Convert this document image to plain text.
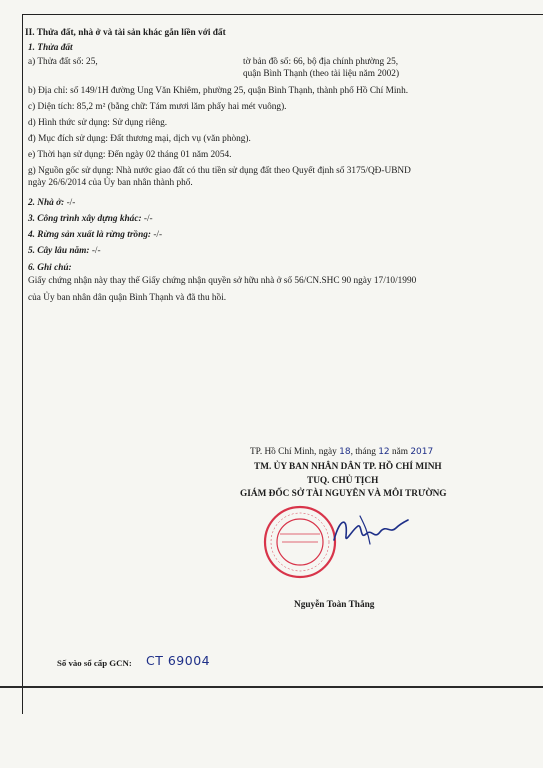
II. Thửa đất, nhà ở và tài sản khác gắn liền với đất
1. Thửa đất
a) Thửa đất số: 25,	tờ bản đồ số: 66, bộ địa chính phường 25,
quận Bình Thạnh (theo tài liệu năm 2002)
b) Địa chỉ: số 149/1H đường Ung Văn Khiêm, phường 25, quận Bình Thạnh, thành phố Hồ Chí Minh.
c) Diện tích: 85,2 m² (bằng chữ: Tám mươi lăm phẩy hai mét vuông).
d) Hình thức sử dụng: Sử dụng riêng.
đ) Mục đích sử dụng: Đất thương mại, dịch vụ (văn phòng).
e) Thời hạn sử dụng: Đến ngày 02 tháng 01 năm 2054.
g) Nguồn gốc sử dụng: Nhà nước giao đất có thu tiền sử dụng đất theo Quyết định số 3175/QĐ-UBND
ngày 26/6/2014 của Ủy ban nhân thành phố.
2. Nhà ở: -/-
3. Công trình xây dựng khác: -/-
4. Rừng sản xuất là rừng trồng: -/-
5. Cây lâu năm: -/-
6. Ghi chú:
Giấy chứng nhận này thay thế Giấy chứng nhận quyền sở hữu nhà ở số 56/CN.SHC 90 ngày 17/10/1990
của Ủy ban nhân dân quận Bình Thạnh và đã thu hồi.
TP. Hồ Chí Minh, ngày 18, tháng 12 năm 2017
TM. ỦY BAN NHÂN DÂN TP. HỒ CHÍ MINH
TUQ. CHỦ TỊCH
GIÁM ĐỐC SỞ TÀI NGUYÊN VÀ MÔI TRƯỜNG
Nguyễn Toàn Thắng
Số vào sổ cấp GCN: CT 69004
